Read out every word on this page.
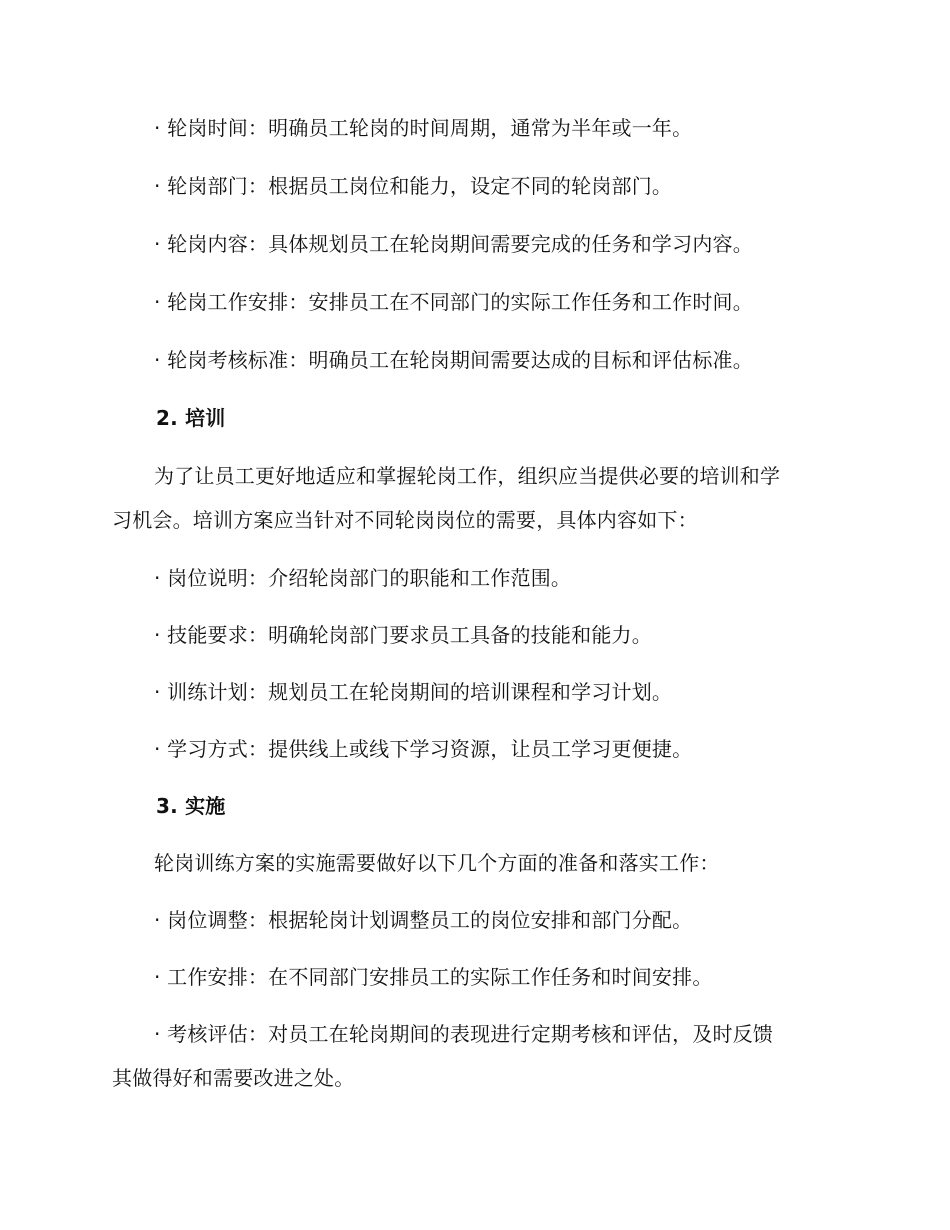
· 轮岗时间：明确员工轮岗的时间周期，通常为半年或一年。
· 轮岗部门：根据员工岗位和能力，设定不同的轮岗部门。
· 轮岗内容：具体规划员工在轮岗期间需要完成的任务和学习内容。
· 轮岗工作安排：安排员工在不同部门的实际工作任务和工作时间。
· 轮岗考核标准：明确员工在轮岗期间需要达成的目标和评估标准。
2. 培训
为了让员工更好地适应和掌握轮岗工作，组织应当提供必要的培训和学
习机会。培训方案应当针对不同轮岗岗位的需要，具体内容如下：
· 岗位说明：介绍轮岗部门的职能和工作范围。
· 技能要求：明确轮岗部门要求员工具备的技能和能力。
· 训练计划：规划员工在轮岗期间的培训课程和学习计划。
· 学习方式：提供线上或线下学习资源，让员工学习更便捷。
3. 实施
轮岗训练方案的实施需要做好以下几个方面的准备和落实工作：
· 岗位调整：根据轮岗计划调整员工的岗位安排和部门分配。
· 工作安排：在不同部门安排员工的实际工作任务和时间安排。
· 考核评估：对员工在轮岗期间的表现进行定期考核和评估，及时反馈
其做得好和需要改进之处。
